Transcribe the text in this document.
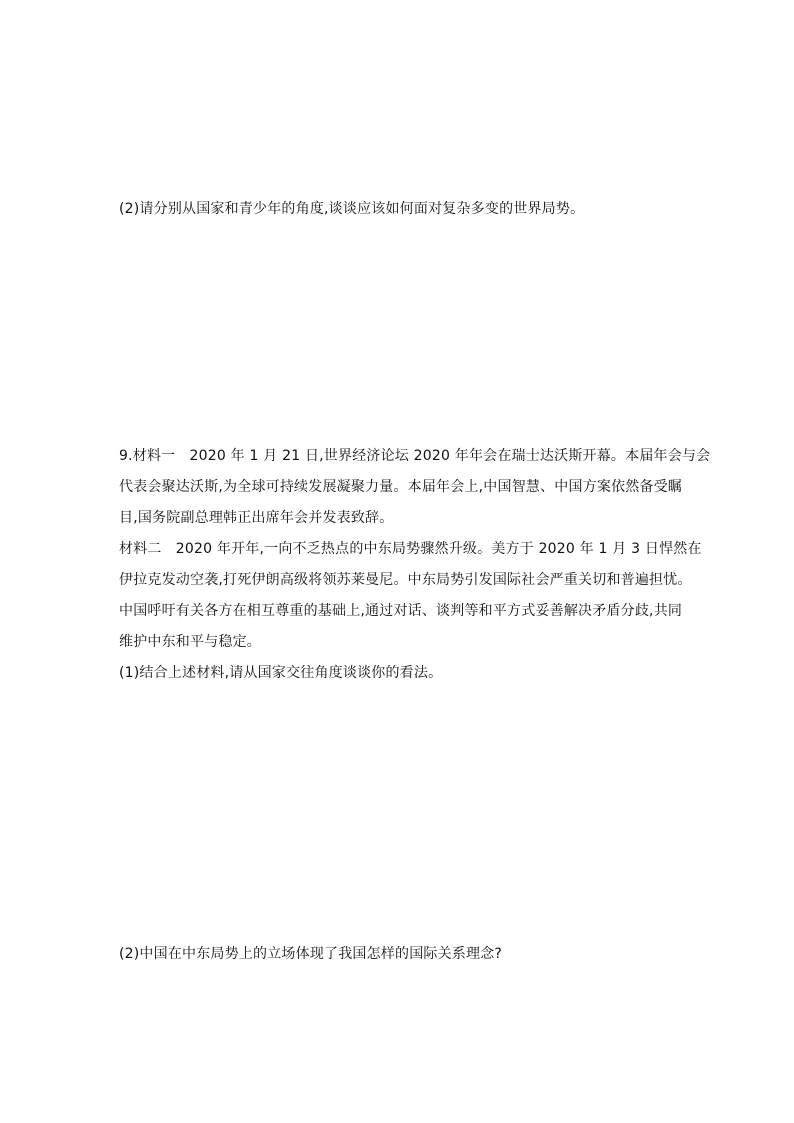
(2)请分别从国家和青少年的角度,谈谈应该如何面对复杂多变的世界局势。
9.材料一　2020 年 1 月 21 日,世界经济论坛 2020 年年会在瑞士达沃斯开幕。本届年会与会
代表会聚达沃斯,为全球可持续发展凝聚力量。本届年会上,中国智慧、中国方案依然备受瞩
目,国务院副总理韩正出席年会并发表致辞。
材料二　2020 年开年,一向不乏热点的中东局势骤然升级。美方于 2020 年 1 月 3 日悍然在
伊拉克发动空袭,打死伊朗高级将领苏莱曼尼。中东局势引发国际社会严重关切和普遍担忧。
中国呼吁有关各方在相互尊重的基础上,通过对话、谈判等和平方式妥善解决矛盾分歧,共同
维护中东和平与稳定。
(1)结合上述材料,请从国家交往角度谈谈你的看法。
(2)中国在中东局势上的立场体现了我国怎样的国际关系理念?
